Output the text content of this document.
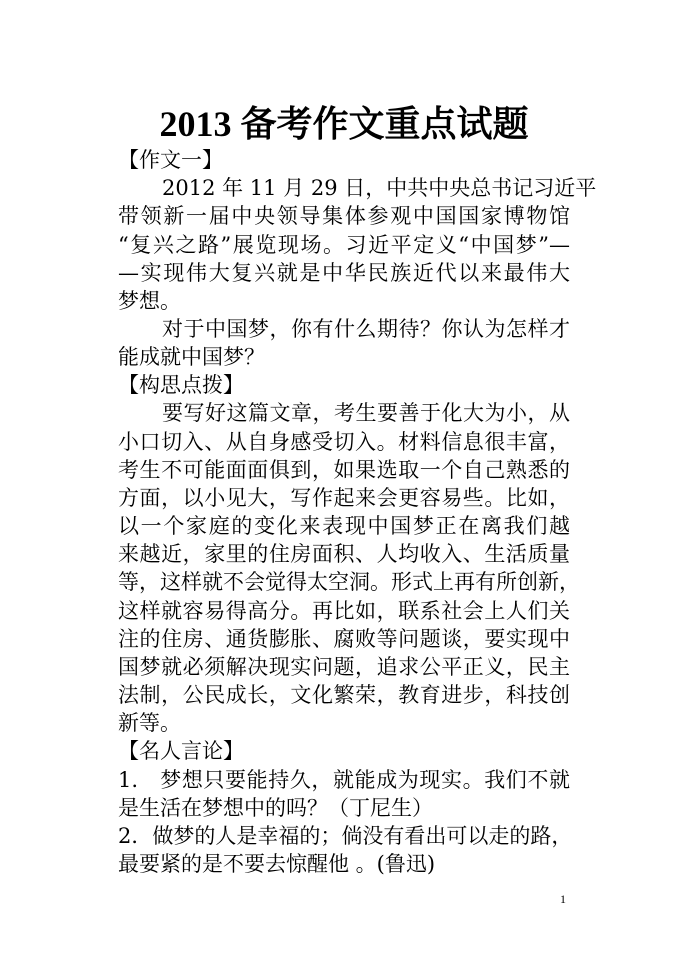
2013 备考作文重点试题
【作文一】
2012 年 11 月 29 日，中共中央总书记习近平
带领新一届中央领导集体参观中国国家博物馆
“复兴之路”展览现场。习近平定义“中国梦”—
—实现伟大复兴就是中华民族近代以来最伟大
梦想。
对于中国梦，你有什么期待？你认为怎样才
能成就中国梦？
【构思点拨】
要写好这篇文章，考生要善于化大为小，从
小口切入、从自身感受切入。材料信息很丰富，
考生不可能面面俱到，如果选取一个自己熟悉的
方面，以小见大，写作起来会更容易些。比如，
以一个家庭的变化来表现中国梦正在离我们越
来越近，家里的住房面积、人均收入、生活质量
等，这样就不会觉得太空洞。形式上再有所创新，
这样就容易得高分。再比如，联系社会上人们关
注的住房、通货膨胀、腐败等问题谈，要实现中
国梦就必须解决现实问题，追求公平正义，民主
法制，公民成长，文化繁荣，教育进步，科技创
新等。
【名人言论】
1.　梦想只要能持久，就能成为现实。我们不就
是生活在梦想中的吗？（丁尼生）
2．做梦的人是幸福的；倘没有看出可以走的路，
最要紧的是不要去惊醒他 。(鲁迅)
1
